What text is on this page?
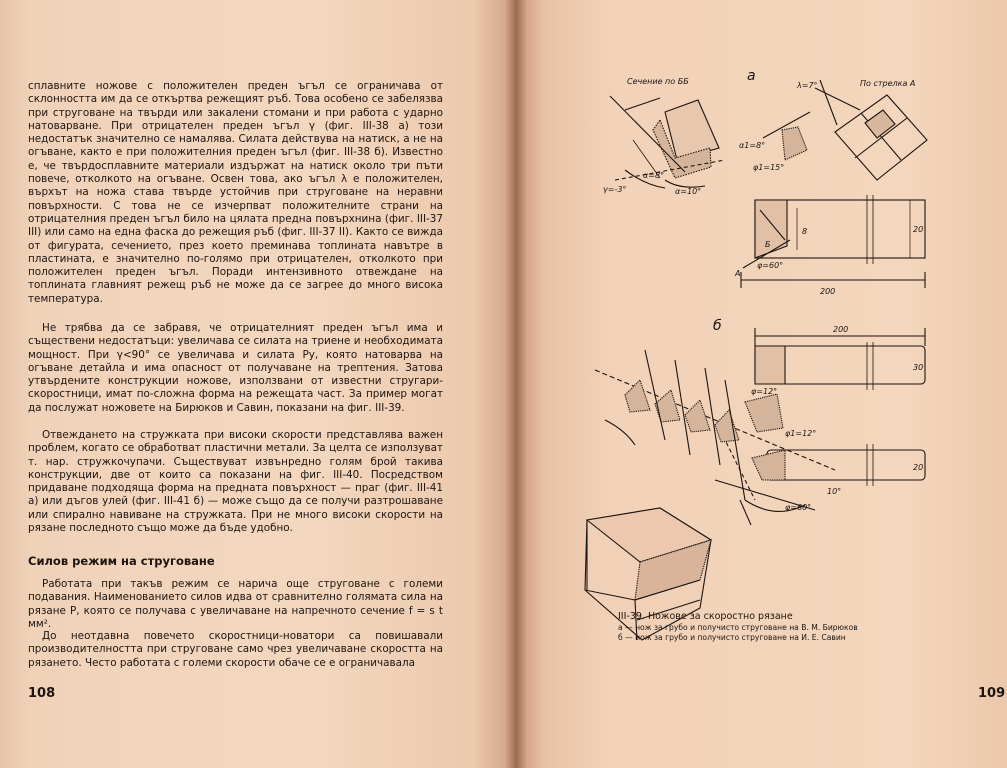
сплавните ножове с положителен преден ъгъл се ограничава от склонността им да се откъртва режещият ръб. Това особено се забелязва при струговане на твърди или закалени стомани и при работа с ударно натоварване. При отрицателен преден ъгъл γ (фиг. III-38 а) този недостатък значително се намалява. Силата действува на натиск, а не на огъване, както е при положителния преден ъгъл (фиг. III-38 б). Известно е, че твърдосплавните материали издържат на натиск около три пъти повече, отколкото на огъване. Освен това, ако ъгъл λ е положителен, върхът на ножа става твърде устойчив при струговане на неравни повърхности. С това не се изчерпват положителните страни на отрицателния преден ъгъл било на цялата предна повърхнина (фиг. III-37 III) или само на една фаска до режещия ръб (фиг. III-37 II). Както се вижда от фигурата, сечението, през което преминава топлината навътре в пластината, е значително по-голямо при отрицателен, отколкото при положителен преден ъгъл. Поради интензивното отвеждане на топлината главният режещ ръб не може да се загрее до много висока температура.

Не трябва да се забравя, че отрицателният преден ъгъл има и съществени недостатъци: увеличава се силата на триене и необходимата мощност. При γ<90° се увеличава и силата Py, която натоварва на огъване детайла и има опасност от получаване на трептения. Затова утвърдените конструкции ножове, използвани от известни стругари-скоростници, имат по-сложна форма на режещата част. За пример могат да послужат ножовете на Бирюков и Савин, показани на фиг. III-39.

Отвеждането на стружката при високи скорости представлява важен проблем, когато се обработват пластични метали. За целта се използуват т. нар. стружкочупачи. Съществуват извънредно голям брой такива конструкции, две от които са показани на фиг. III-40. Посредством придаване подходяща форма на предната повърхност — праг (фиг. III-41 а) или дъгов улей (фиг. III-41 б) — може също да се получи разтрошаване или спирално навиване на стружката. При не много високи скорости на рязане последното също може да бъде удобно.

Силов режим на струговане

Работата при такъв режим се нарича още струговане с големи подавания. Наименованието силов идва от сравнително голямата сила на рязане P, която се получава с увеличаване на напречното сечение f = s t мм².

До неотдавна повечето скоростници-новатори са повишавали производителността при струговане само чрез увеличаване скоростта на рязането. Често работата с големи скорости обаче се е ограничавала

108
Сечение по ББ	а
λ=7°	По стрелка А
γ=-3°
α=8°
α=10°
α1=8°
φ1=15°
φ=60°
200
20
8
А
Б
б	200
30
20
φ=12°
φ1=12°
φ=60°
10°
III-39. Ножове за скоростно рязане
а — нож за грубо и получисто струговане на В. М. Бирюков
б — нож за грубо и получисто струговане на И. Е. Савин
109
